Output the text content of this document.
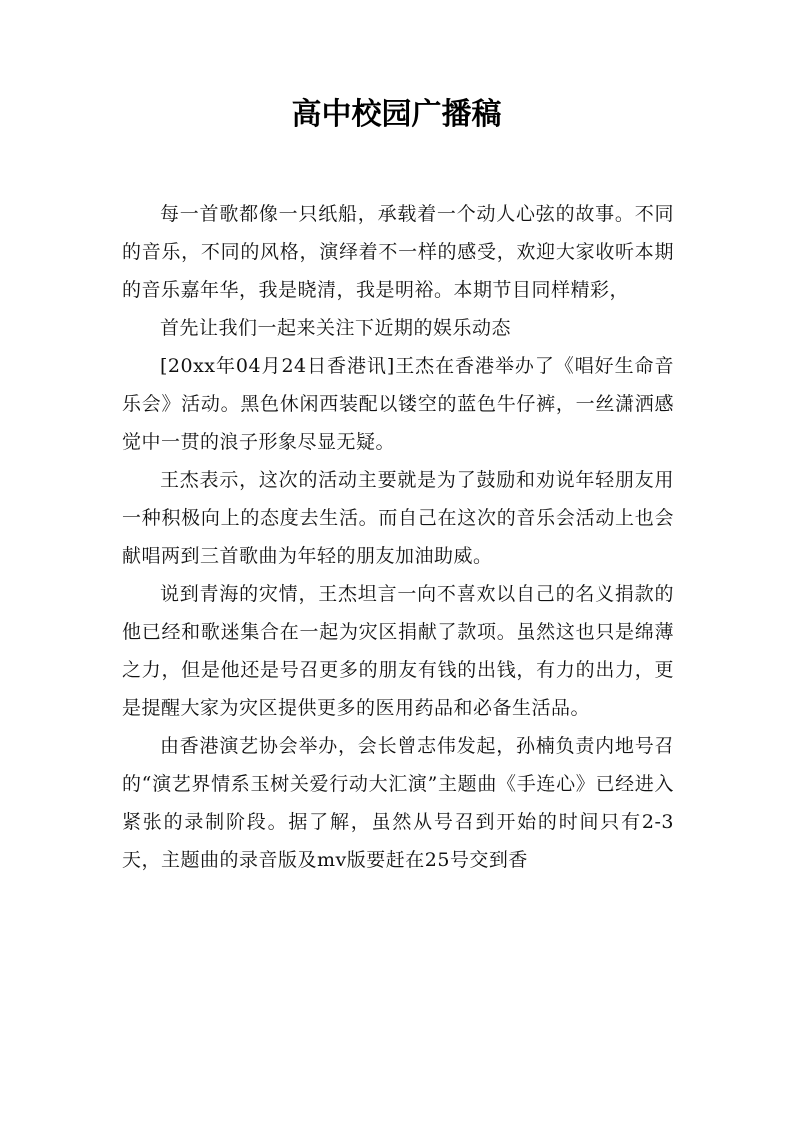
高中校园广播稿

每一首歌都像一只纸船，承载着一个动人心弦的故事。不同的音乐，不同的风格，演绎着不一样的感受，欢迎大家收听本期的音乐嘉年华，我是晓清，我是明裕。本期节目同样精彩，

首先让我们一起来关注下近期的娱乐动态

[20xx年04月24日香港讯]王杰在香港举办了《唱好生命音乐会》活动。黑色休闲西装配以镂空的蓝色牛仔裤，一丝潇洒感觉中一贯的浪子形象尽显无疑。

王杰表示，这次的活动主要就是为了鼓励和劝说年轻朋友用一种积极向上的态度去生活。而自己在这次的音乐会活动上也会献唱两到三首歌曲为年轻的朋友加油助威。

说到青海的灾情，王杰坦言一向不喜欢以自己的名义捐款的他已经和歌迷集合在一起为灾区捐献了款项。虽然这也只是绵薄之力，但是他还是号召更多的朋友有钱的出钱，有力的出力，更是提醒大家为灾区提供更多的医用药品和必备生活品。

由香港演艺协会举办，会长曾志伟发起，孙楠负责内地号召的“演艺界情系玉树关爱行动大汇演”主题曲《手连心》已经进入紧张的录制阶段。据了解，虽然从号召到开始的时间只有2-3天，主题曲的录音版及mv版要赶在25号交到香
